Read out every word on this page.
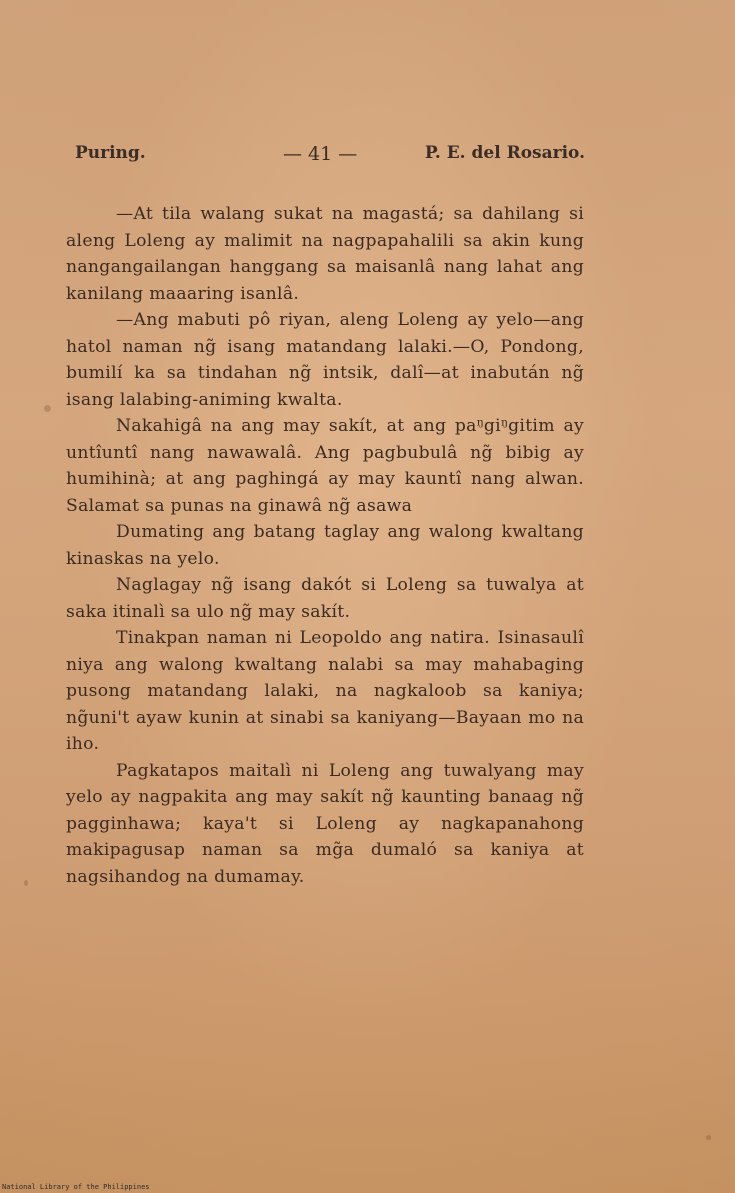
Puring.	— 41 —	P. E. del Rosario.

—At tila walang sukat na magastá; sa dahilang si aleng Loleng ay malimit na nagpapahalili sa akin kung nangangailangan hanggang sa maisanlâ nang lahat ang kanilang maaaring isanlâ.

—Ang mabuti pô riyan, aleng Loleng ay yelo—ang hatol naman ng̃ isang matandang lalaki.—O, Pondong, bumilí ka sa tindahan ng̃ intsik, dalî—at inabután ng̃ isang lalabing-animing kwalta.

Nakahigâ na ang may sakít, at ang paᵑgiᵑgitim ay untîuntî nang nawawalâ. Ang pagbubulâ ng̃ bibig ay humihinà; at ang paghingá ay may kauntî nang alwan. Salamat sa punas na ginawâ ng̃ asawa

Dumating ang batang taglay ang walong kwaltang kinaskas na yelo.

Naglagay ng̃ isang dakót si Loleng sa tuwalya at saka itinalì sa ulo ng̃ may sakít.

Tinakpan naman ni Leopoldo ang natira. Isinasaulî niya ang walong kwaltang nalabi sa may mahabaging pusong matandang lalaki, na nagkaloob sa kaniya; ng̃uni't ayaw kunin at sinabi sa kaniyang—Bayaan mo na iho.

Pagkatapos maitalì ni Loleng ang tuwalyang may yelo ay nagpakita ang may sakít ng̃ kaunting banaag ng̃ pagginhawa; kaya't si Loleng ay nagkapanahong makipagusap naman sa mg̃a dumaló sa kaniya at nagsihandog na dumamay.

National Library of the Philippines
